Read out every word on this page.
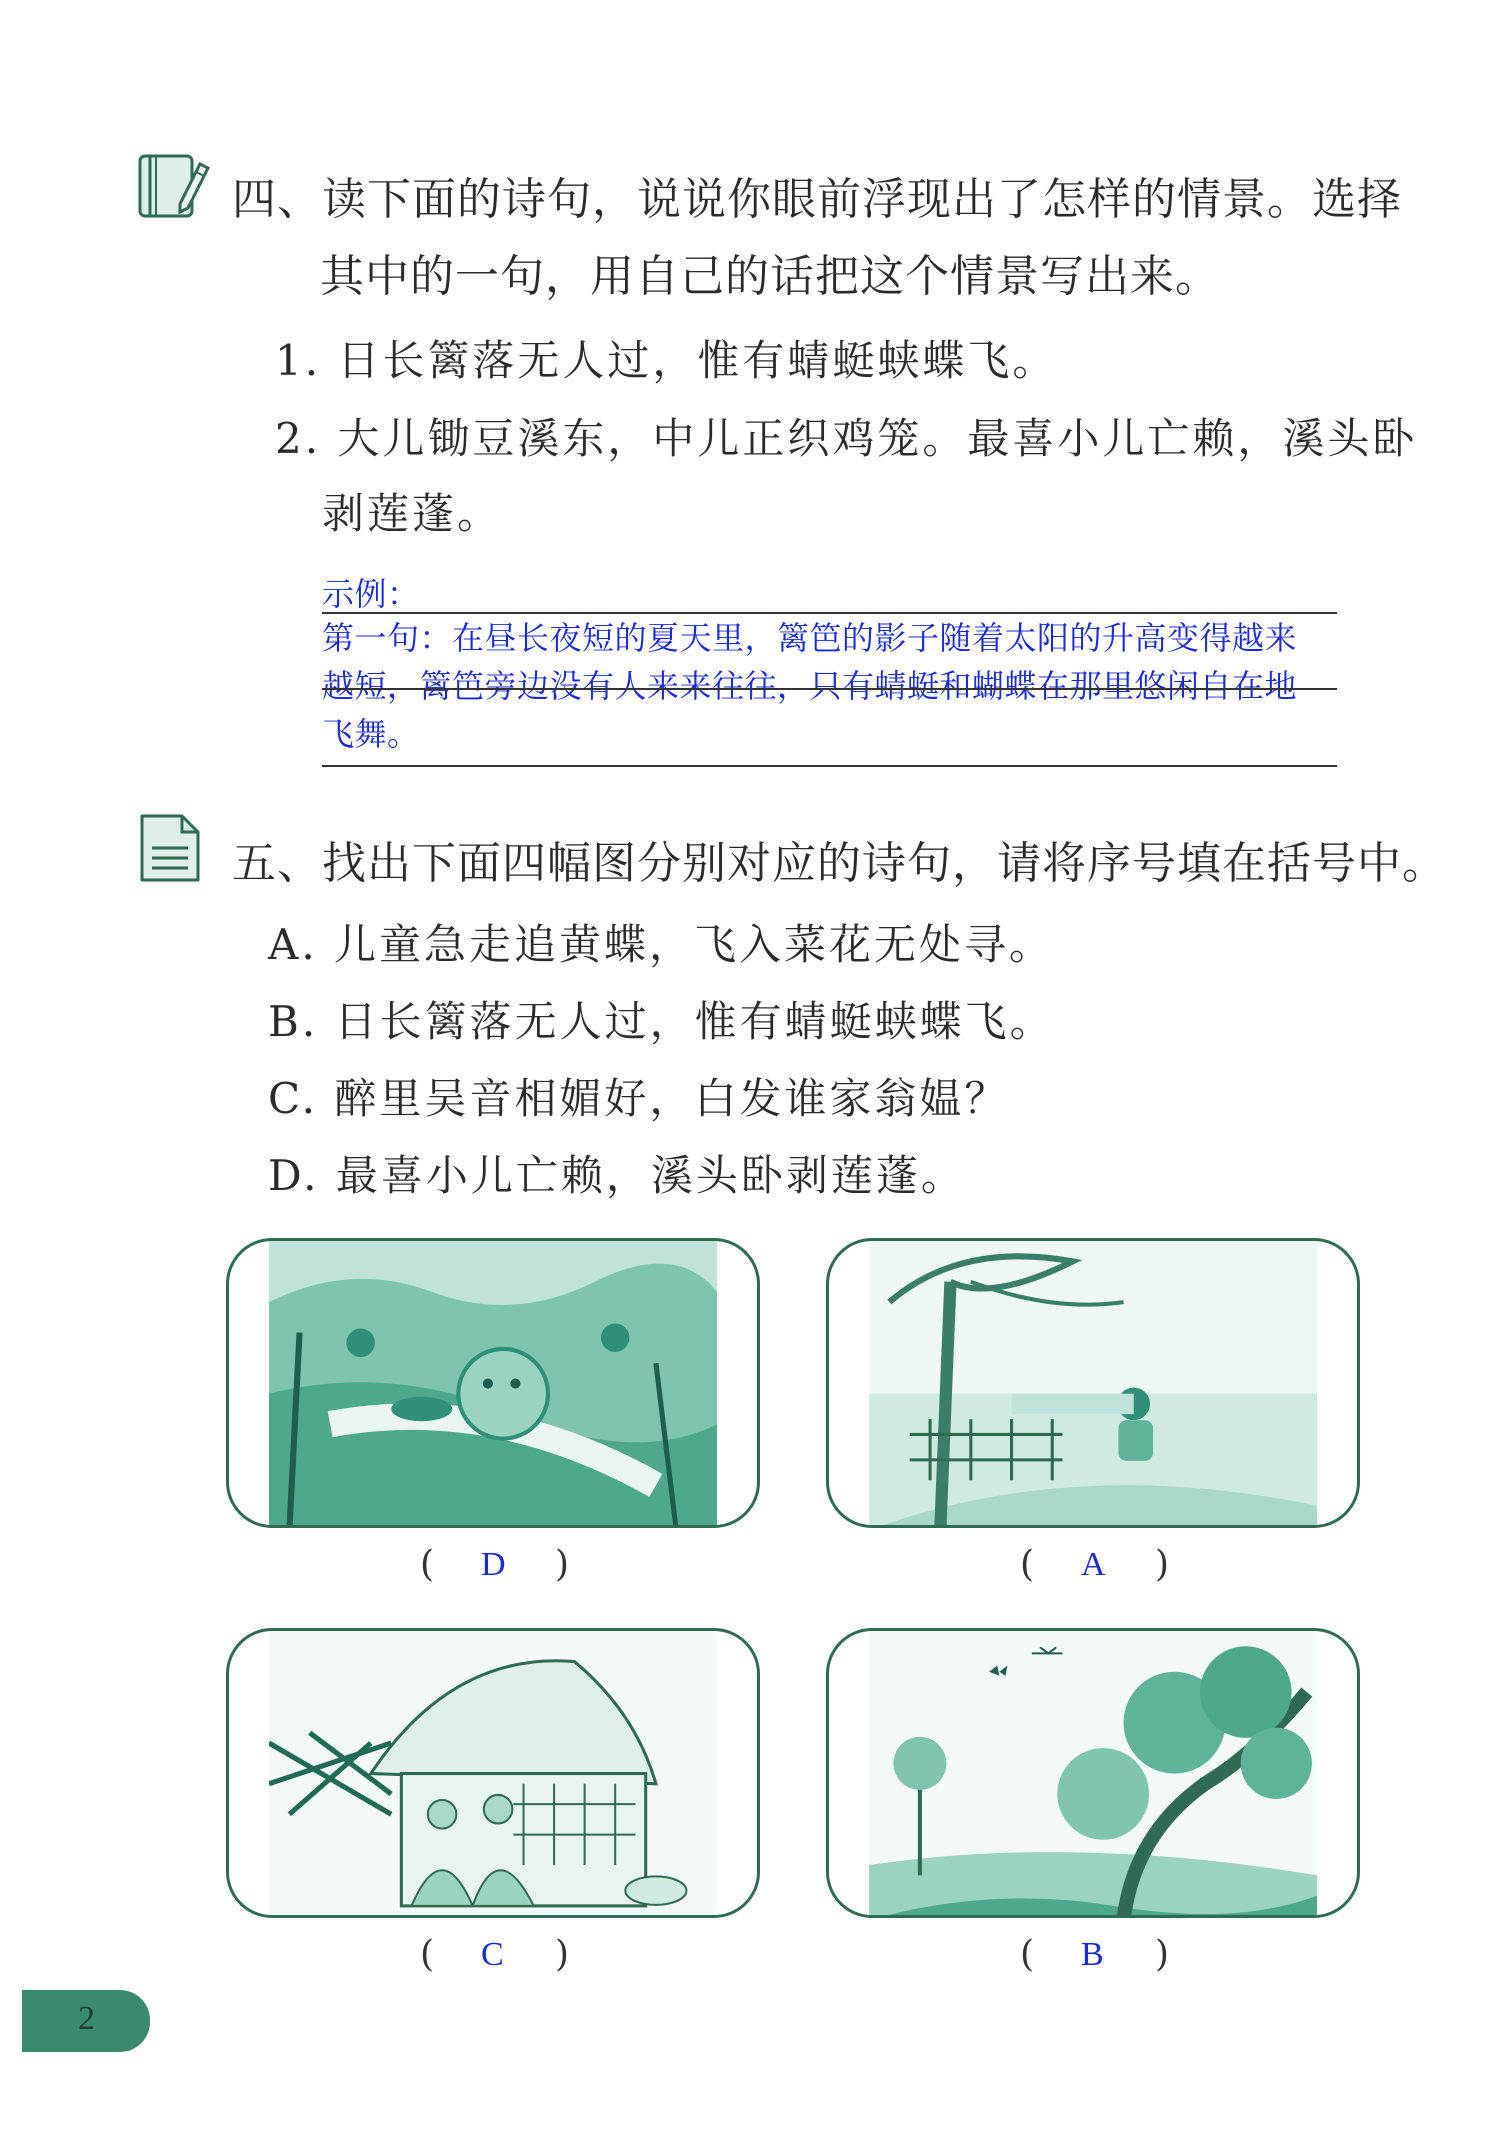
四、读下面的诗句，说说你眼前浮现出了怎样的情景。选择
其中的一句，用自己的话把这个情景写出来。
1. 日长篱落无人过，惟有蜻蜓蛱蝶飞。
2. 大儿锄豆溪东，中儿正织鸡笼。最喜小儿亡赖，溪头卧
剥莲蓬。
示例：
第一句：在昼长夜短的夏天里，篱笆的影子随着太阳的升高变得越来
越短，篱笆旁边没有人来来往往，只有蜻蜓和蝴蝶在那里悠闲自在地
飞舞。
五、找出下面四幅图分别对应的诗句，请将序号填在括号中。
A. 儿童急走追黄蝶，飞入菜花无处寻。
B. 日长篱落无人过，惟有蜻蜓蛱蝶飞。
C. 醉里吴音相媚好，白发谁家翁媪？
D. 最喜小儿亡赖，溪头卧剥莲蓬。
( D )	( A )
( C )	( B )
2
